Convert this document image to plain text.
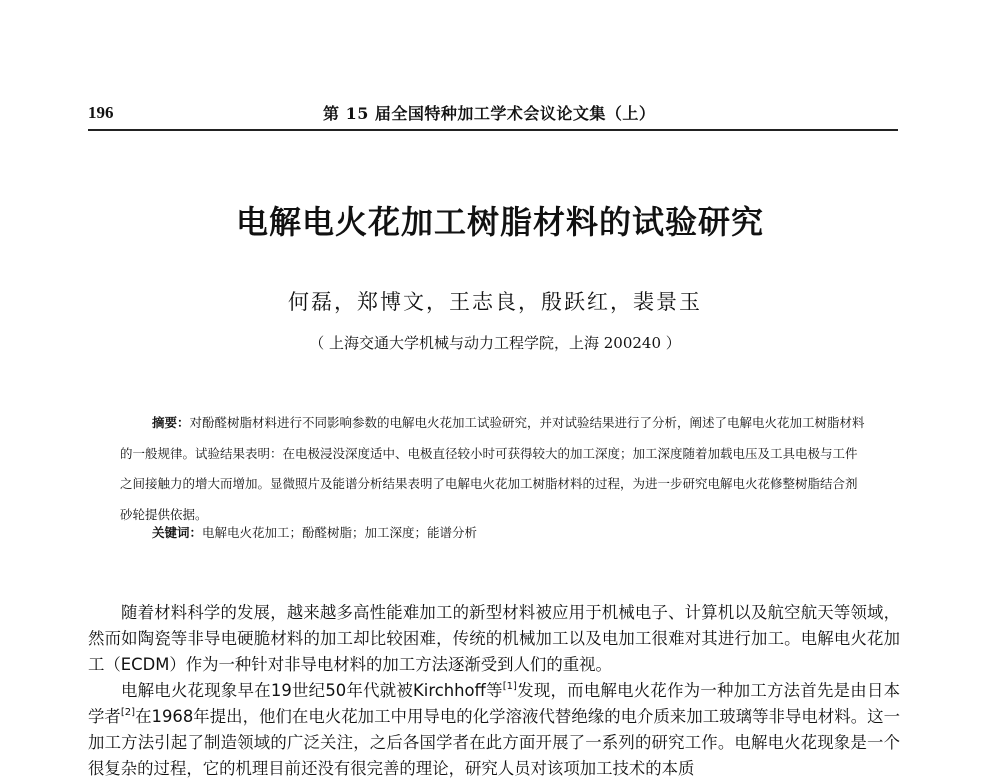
196	第 15 届全国特种加工学术会议论文集（上）
电解电火花加工树脂材料的试验研究
何磊，郑博文，王志良，殷跃红，裴景玉
（ 上海交通大学机械与动力工程学院，上海 200240 ）
摘要：对酚醛树脂材料进行不同影响参数的电解电火花加工试验研究，并对试验结果进行了分析，阐述了电解电火花加工树脂材料的一般规律。试验结果表明：在电极浸没深度适中、电极直径较小时可获得较大的加工深度；加工深度随着加载电压及工具电极与工件之间接触力的增大而增加。显微照片及能谱分析结果表明了电解电火花加工树脂材料的过程，为进一步研究电解电火花修整树脂结合剂砂轮提供依据。
关键词：电解电火花加工；酚醛树脂；加工深度；能谱分析

随着材料科学的发展，越来越多高性能难加工的新型材料被应用于机械电子、计算机以及航空航天等领域，然而如陶瓷等非导电硬脆材料的加工却比较困难，传统的机械加工以及电加工很难对其进行加工。电解电火花加工（ECDM）作为一种针对非导电材料的加工方法逐渐受到人们的重视。

电解电火花现象早在19世纪50年代就被Kirchhoff等[1]发现，而电解电火花作为一种加工方法首先是由日本学者[2]在1968年提出，他们在电火花加工中用导电的化学溶液代替绝缘的电介质来加工玻璃等非导电材料。这一加工方法引起了制造领域的广泛关注，之后各国学者在此方面开展了一系列的研究工作。电解电火花现象是一个很复杂的过程，它的机理目前还没有很完善的理论，研究人员对该项加工技术的本质
